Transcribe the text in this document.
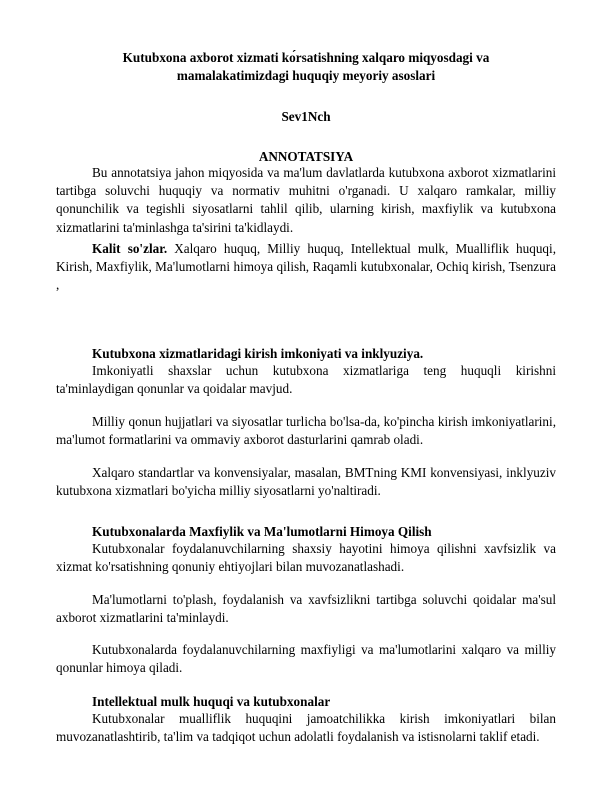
Kutubxona axborot xizmati kо́rsatishning xalqaro miqyosdagi va
mamalakatimizdagi huquqiy meyoriy asoslari
Sev1Nch
ANNOTATSIYA

Bu annotatsiya jahon miqyosida va ma'lum davlatlarda kutubxona axborot xizmatlarini tartibga soluvchi huquqiy va normativ muhitni o'rganadi. U xalqaro ramkalar, milliy qonunchilik va tegishli siyosatlarni tahlil qilib, ularning kirish, maxfiylik va kutubxona xizmatlarini ta'minlashga ta'sirini ta'kidlaydi.

Kalit so'zlar. Xalqaro huquq, Milliy huquq, Intellektual mulk, Mualliflik huquqi, Kirish, Maxfiylik, Ma'lumotlarni himoya qilish, Raqamli kutubxonalar, Ochiq kirish, Tsenzura ,

Kutubxona xizmatlaridagi kirish imkoniyati va inklyuziya.

Imkoniyatli shaxslar uchun kutubxona xizmatlariga teng huquqli kirishni ta'minlaydigan qonunlar va qoidalar mavjud.

Milliy qonun hujjatlari va siyosatlar turlicha bo'lsa-da, ko'pincha kirish imkoniyatlarini, ma'lumot formatlarini va ommaviy axborot dasturlarini qamrab oladi.

Xalqaro standartlar va konvensiyalar, masalan, BMTning KMI konvensiyasi, inklyuziv kutubxona xizmatlari bo'yicha milliy siyosatlarni yo'naltiradi.

Kutubxonalarda Maxfiylik va Ma'lumotlarni Himoya Qilish

Kutubxonalar foydalanuvchilarning shaxsiy hayotini himoya qilishni xavfsizlik va xizmat ko'rsatishning qonuniy ehtiyojlari bilan muvozanatlashadi.

Ma'lumotlarni to'plash, foydalanish va xavfsizlikni tartibga soluvchi qoidalar ma'sul axborot xizmatlarini ta'minlaydi.

Kutubxonalarda foydalanuvchilarning maxfiyligi va ma'lumotlarini xalqaro va milliy qonunlar himoya qiladi.

Intellektual mulk huquqi va kutubxonalar

Kutubxonalar mualliflik huquqini jamoatchilikka kirish imkoniyatlari bilan muvozanatlashtirib, ta'lim va tadqiqot uchun adolatli foydalanish va istisnolarni taklif etadi.
